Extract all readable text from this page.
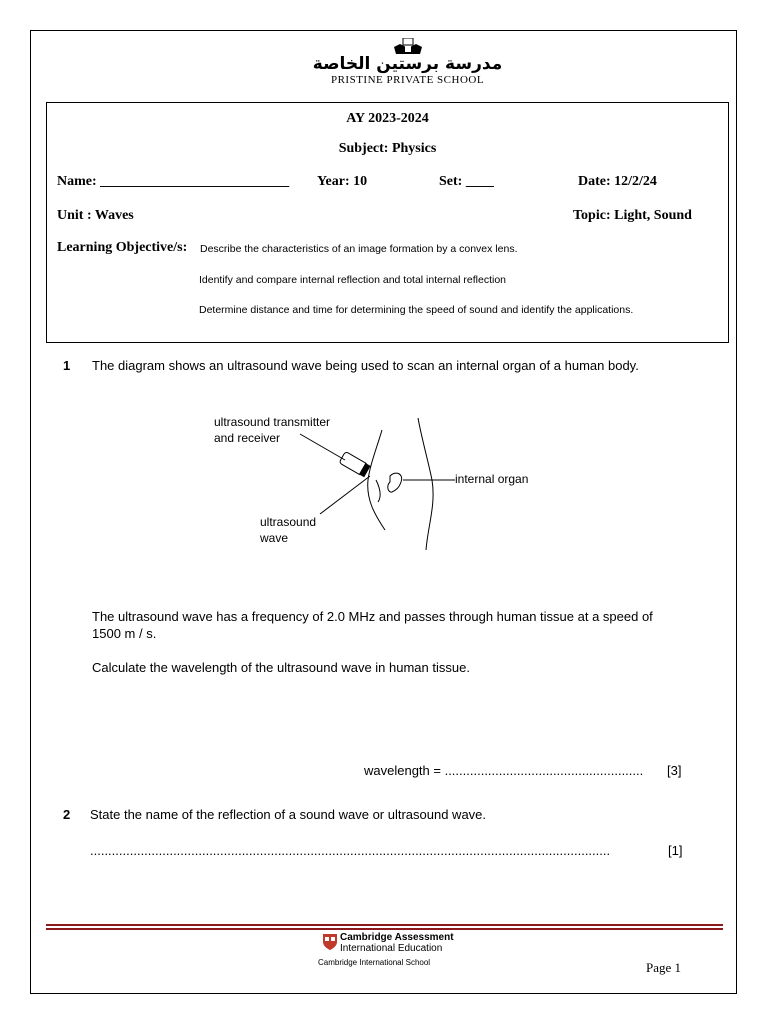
مدرسة برستين الخاصة
PRISTINE PRIVATE SCHOOL
AY 2023-2024
Subject: Physics
Name: ___________________________ Year: 10	Set: ____	Date: 12/2/24
Unit : Waves	Topic: Light, Sound
Learning Objective/s: Describe the characteristics of an image formation by a convex lens.
Identify and compare internal reflection and total internal reflection
Determine distance and time for determining the speed of sound and identify the applications.
1 The diagram shows an ultrasound wave being used to scan an internal organ of a human body.
ultrasound transmitter
and receiver
internal organ
ultrasound
wave
The ultrasound wave has a frequency of 2.0 MHz and passes through human tissue at a speed of
1500 m / s.
Calculate the wavelength of the ultrasound wave in human tissue.
wavelength = ....................................................... [3]
2 State the name of the reflection of a sound wave or ultrasound wave.
................................................................................................................................................	[1]
Cambridge Assessment
International Education
Cambridge International School	Page 1
